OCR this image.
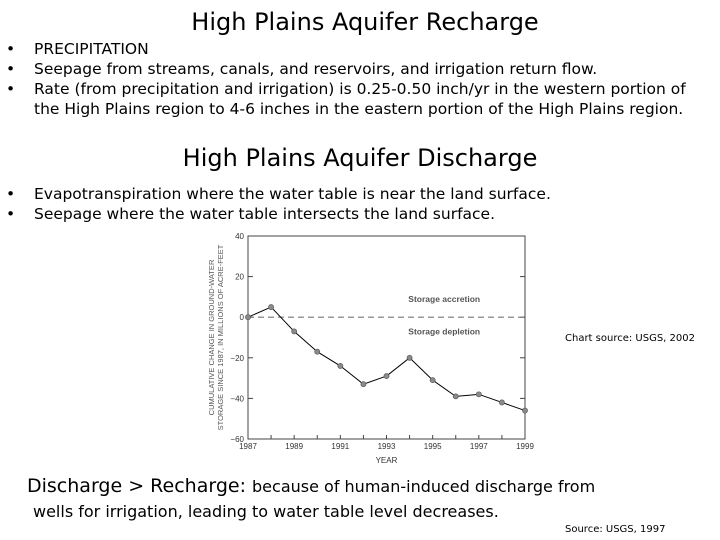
High Plains Aquifer Recharge
• PRECIPITATION
• Seepage from streams, canals, and reservoirs, and irrigation return flow.
• Rate (from precipitation and irrigation) is 0.25-0.50 inch/yr in the western portion of the High Plains region to 4-6 inches in the eastern portion of the High Plains region.
High Plains Aquifer Discharge
• Evapotranspiration where the water table is near the land surface.
• Seepage where the water table intersects the land surface.
40
20
0
−20
−40
−60
1987	1989	1991	1993	1995	1997	1999
YEAR
CUMULATIVE CHANGE IN GROUND-WATER STORAGE SINCE 1987, IN MILLIONS OF ACRE-FEET	Storage accretion
Storage depletion
Chart source: USGS, 2002
Discharge > Recharge: because of human-induced discharge from
wells for irrigation, leading to water table level decreases.
Source: USGS, 1997
